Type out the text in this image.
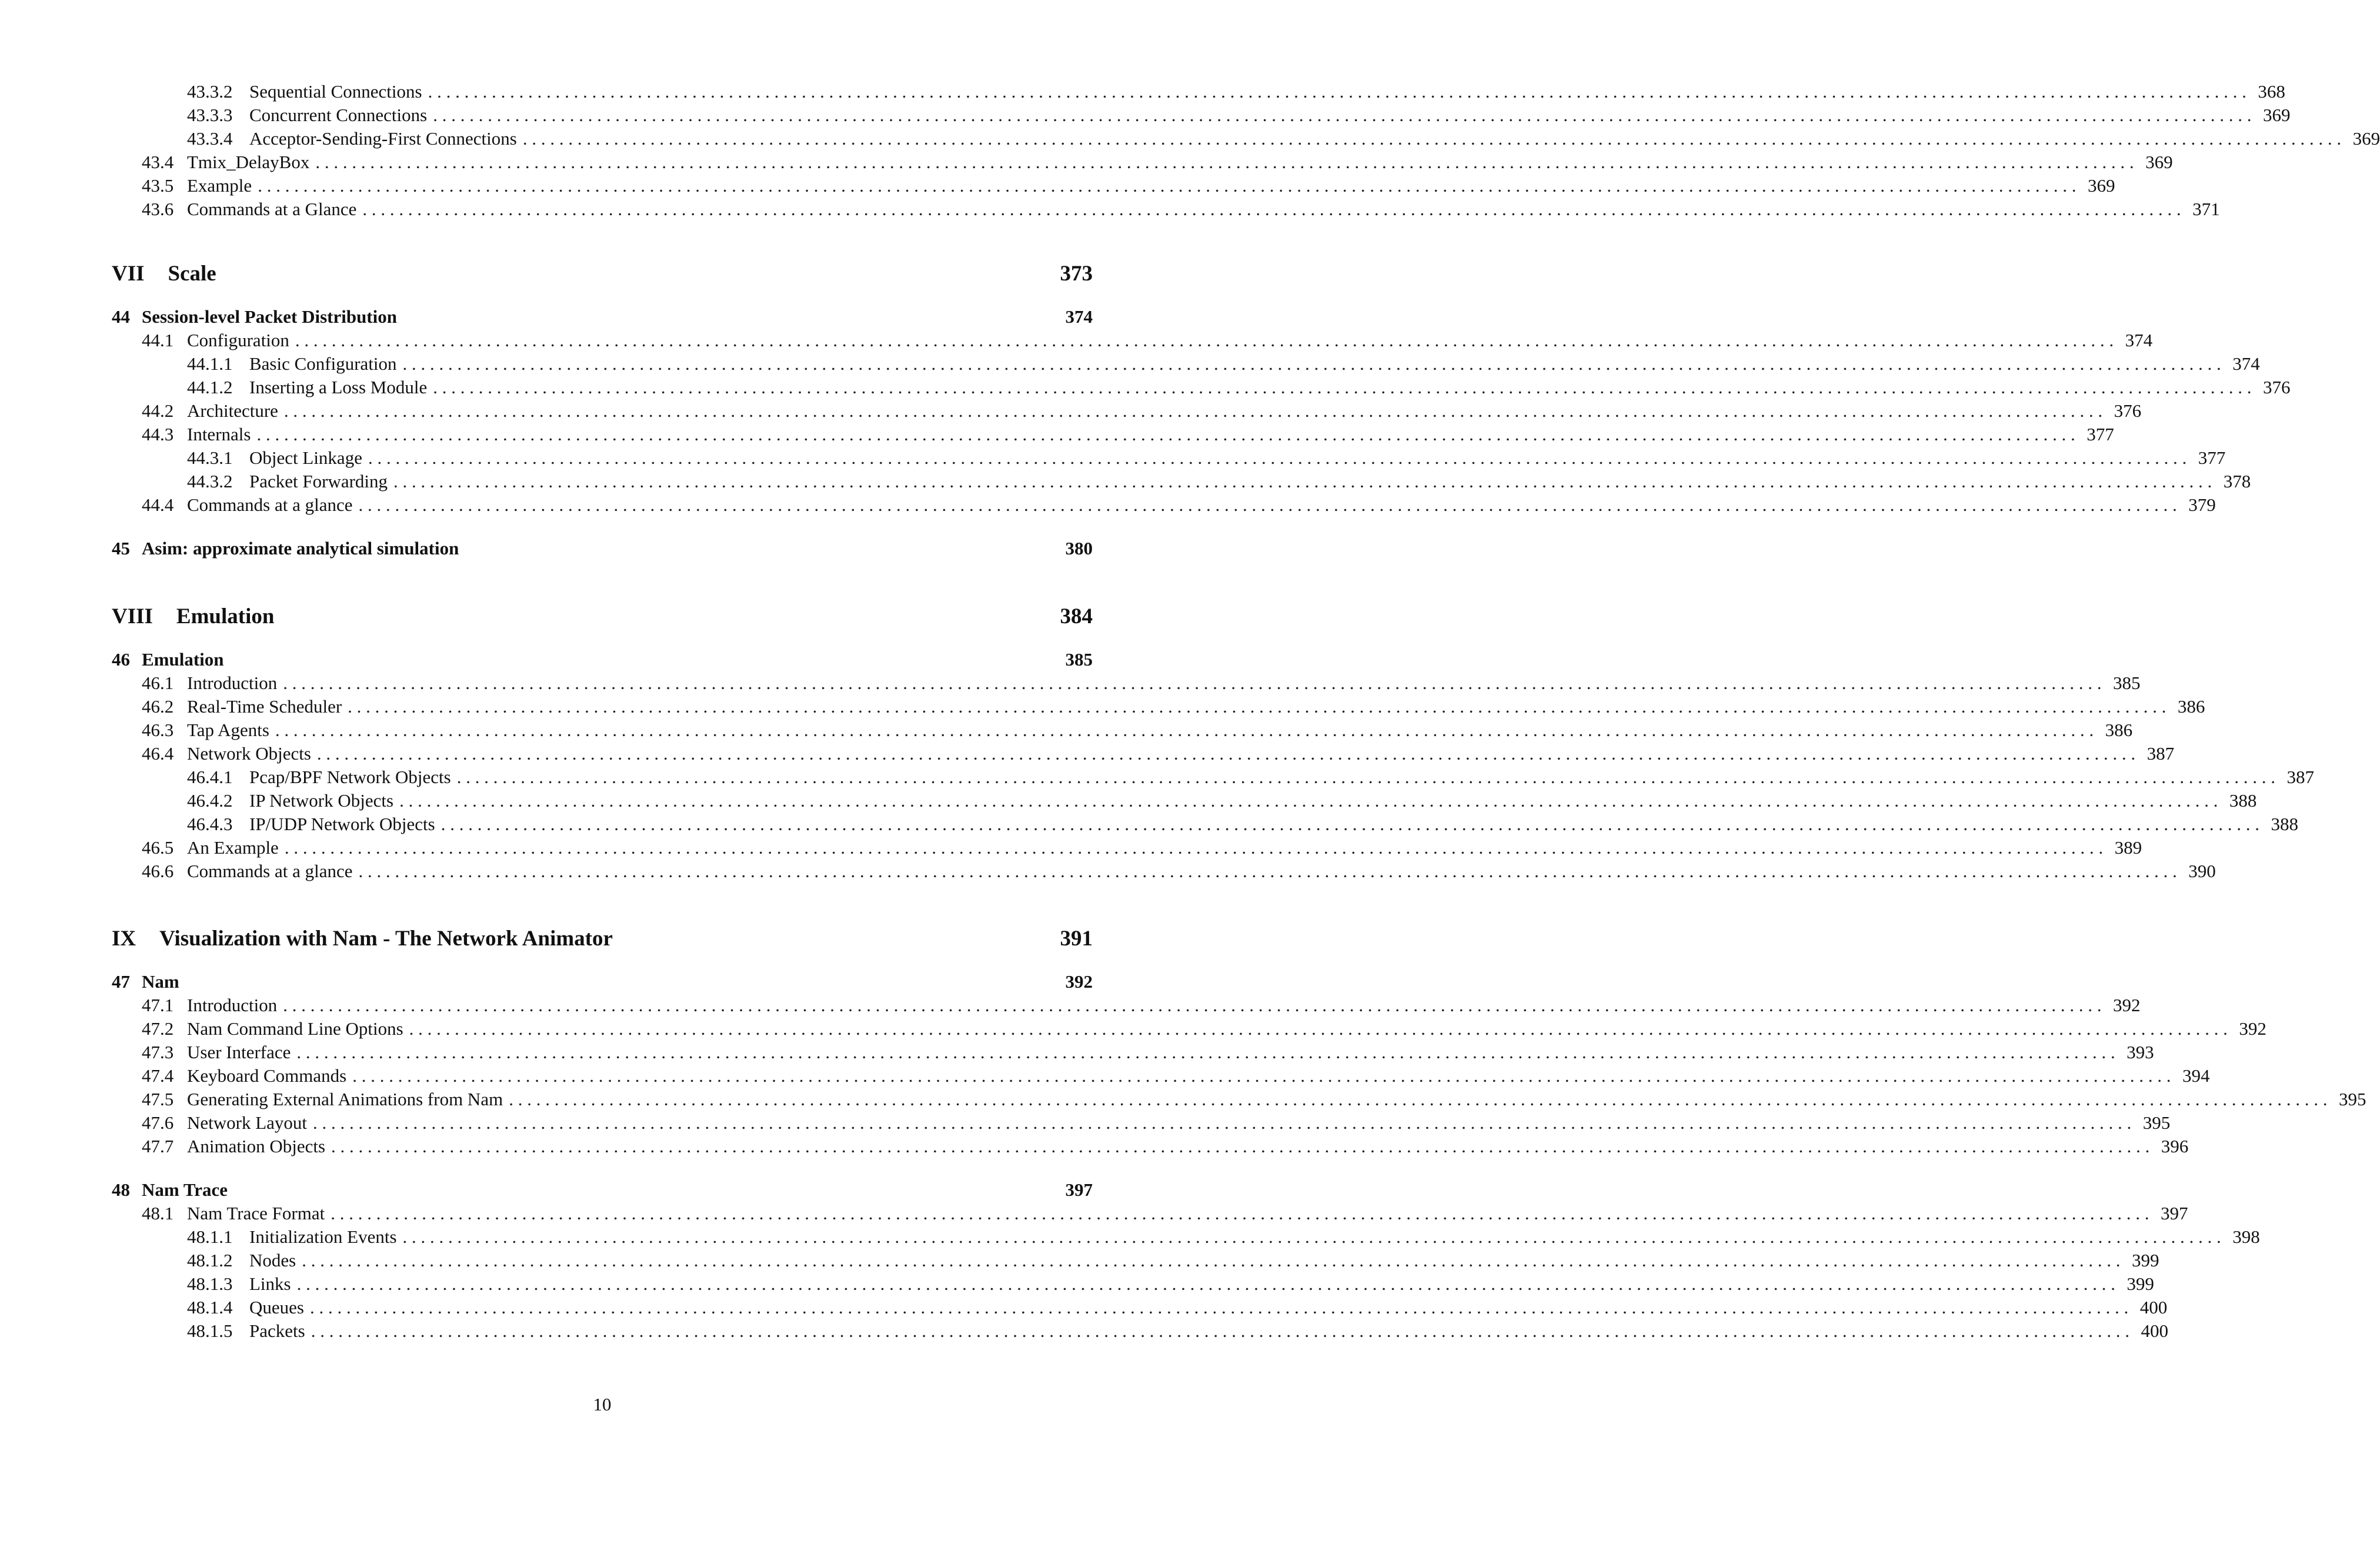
43.3.2 Sequential Connections . . . . . . . . . . . . . . . . . . . . . . . . . . . . . . . . . . . . . . . . . . . . . . . . . . . . . . . . . . . . . . . . . . . . . . . . . . . . . . . . . . . . . . . . . . . . . . . . . . . . . . . . . . . . . . . . . . . . . . . . . . . . . . . . . . . . . . . . . . . . . . . . . . . . . . . . . . . . . . . . . . . . . . . . . . . . . . . . . . . . . . . . . . . . . . . . . . . . . . . . 368
43.3.3 Concurrent Connections . . . . . . . . . . . . . . . . . . . . . . . . . . . . . . . . . . . . . . . . . . . . . . . . . . . . . . . . . . . . . . . . . . . . . . . . . . . . . . . . . . . . . . . . . . . . . . . . . . . . . . . . . . . . . . . . . . . . . . . . . . . . . . . . . . . . . . . . . . . . . . . . . . . . . . . . . . . . . . . . . . . . . . . . . . . . . . . . . . . . . . . . . . . . . . . . . . . . . . . . 369
43.3.4 Acceptor-Sending-First Connections . . . . . . . . . . . . . . . . . . . . . . . . . . . . . . . . . . . . . . . . . . . . . . . . . . . . . . . . . . . . . . . . . . . . . . . . . . . . . . . . . . . . . . . . . . . . . . . . . . . . . . . . . . . . . . . . . . . . . . . . . . . . . . . . . . . . . . . . . . . . . . . . . . . . . . . . . . . . . . . . . . . . . . . . . . . . . . . . . . . . . . . . . . . . . . . . . . . . . . . . 369
43.4 Tmix_DelayBox . . . . . . . . . . . . . . . . . . . . . . . . . . . . . . . . . . . . . . . . . . . . . . . . . . . . . . . . . . . . . . . . . . . . . . . . . . . . . . . . . . . . . . . . . . . . . . . . . . . . . . . . . . . . . . . . . . . . . . . . . . . . . . . . . . . . . . . . . . . . . . . . . . . . . . . . . . . . . . . . . . . . . . . . . . . . . . . . . . . . . . . . . . . . . . . . . . . . . . . . 369
43.5 Example . . . . . . . . . . . . . . . . . . . . . . . . . . . . . . . . . . . . . . . . . . . . . . . . . . . . . . . . . . . . . . . . . . . . . . . . . . . . . . . . . . . . . . . . . . . . . . . . . . . . . . . . . . . . . . . . . . . . . . . . . . . . . . . . . . . . . . . . . . . . . . . . . . . . . . . . . . . . . . . . . . . . . . . . . . . . . . . . . . . . . . . . . . . . . . . . . . . . . . . . 369
43.6 Commands at a Glance . . . . . . . . . . . . . . . . . . . . . . . . . . . . . . . . . . . . . . . . . . . . . . . . . . . . . . . . . . . . . . . . . . . . . . . . . . . . . . . . . . . . . . . . . . . . . . . . . . . . . . . . . . . . . . . . . . . . . . . . . . . . . . . . . . . . . . . . . . . . . . . . . . . . . . . . . . . . . . . . . . . . . . . . . . . . . . . . . . . . . . . . . . . . . . . . . . . . . . . . 371
VII Scale	373
44 Session-level Packet Distribution	374
44.1 Configuration . . . . . . . . . . . . . . . . . . . . . . . . . . . . . . . . . . . . . . . . . . . . . . . . . . . . . . . . . . . . . . . . . . . . . . . . . . . . . . . . . . . . . . . . . . . . . . . . . . . . . . . . . . . . . . . . . . . . . . . . . . . . . . . . . . . . . . . . . . . . . . . . . . . . . . . . . . . . . . . . . . . . . . . . . . . . . . . . . . . . . . . . . . . . . . . . . . . . . . . . 374
44.1.1 Basic Configuration . . . . . . . . . . . . . . . . . . . . . . . . . . . . . . . . . . . . . . . . . . . . . . . . . . . . . . . . . . . . . . . . . . . . . . . . . . . . . . . . . . . . . . . . . . . . . . . . . . . . . . . . . . . . . . . . . . . . . . . . . . . . . . . . . . . . . . . . . . . . . . . . . . . . . . . . . . . . . . . . . . . . . . . . . . . . . . . . . . . . . . . . . . . . . . . . . . . . . . . . 374
44.1.2 Inserting a Loss Module . . . . . . . . . . . . . . . . . . . . . . . . . . . . . . . . . . . . . . . . . . . . . . . . . . . . . . . . . . . . . . . . . . . . . . . . . . . . . . . . . . . . . . . . . . . . . . . . . . . . . . . . . . . . . . . . . . . . . . . . . . . . . . . . . . . . . . . . . . . . . . . . . . . . . . . . . . . . . . . . . . . . . . . . . . . . . . . . . . . . . . . . . . . . . . . . . . . . . . . . 376
44.2 Architecture . . . . . . . . . . . . . . . . . . . . . . . . . . . . . . . . . . . . . . . . . . . . . . . . . . . . . . . . . . . . . . . . . . . . . . . . . . . . . . . . . . . . . . . . . . . . . . . . . . . . . . . . . . . . . . . . . . . . . . . . . . . . . . . . . . . . . . . . . . . . . . . . . . . . . . . . . . . . . . . . . . . . . . . . . . . . . . . . . . . . . . . . . . . . . . . . . . . . . . . . 376
44.3 Internals . . . . . . . . . . . . . . . . . . . . . . . . . . . . . . . . . . . . . . . . . . . . . . . . . . . . . . . . . . . . . . . . . . . . . . . . . . . . . . . . . . . . . . . . . . . . . . . . . . . . . . . . . . . . . . . . . . . . . . . . . . . . . . . . . . . . . . . . . . . . . . . . . . . . . . . . . . . . . . . . . . . . . . . . . . . . . . . . . . . . . . . . . . . . . . . . . . . . . . . . 377
44.3.1 Object Linkage . . . . . . . . . . . . . . . . . . . . . . . . . . . . . . . . . . . . . . . . . . . . . . . . . . . . . . . . . . . . . . . . . . . . . . . . . . . . . . . . . . . . . . . . . . . . . . . . . . . . . . . . . . . . . . . . . . . . . . . . . . . . . . . . . . . . . . . . . . . . . . . . . . . . . . . . . . . . . . . . . . . . . . . . . . . . . . . . . . . . . . . . . . . . . . . . . . . . . . . . 377
44.3.2 Packet Forwarding . . . . . . . . . . . . . . . . . . . . . . . . . . . . . . . . . . . . . . . . . . . . . . . . . . . . . . . . . . . . . . . . . . . . . . . . . . . . . . . . . . . . . . . . . . . . . . . . . . . . . . . . . . . . . . . . . . . . . . . . . . . . . . . . . . . . . . . . . . . . . . . . . . . . . . . . . . . . . . . . . . . . . . . . . . . . . . . . . . . . . . . . . . . . . . . . . . . . . . . . 378
44.4 Commands at a glance . . . . . . . . . . . . . . . . . . . . . . . . . . . . . . . . . . . . . . . . . . . . . . . . . . . . . . . . . . . . . . . . . . . . . . . . . . . . . . . . . . . . . . . . . . . . . . . . . . . . . . . . . . . . . . . . . . . . . . . . . . . . . . . . . . . . . . . . . . . . . . . . . . . . . . . . . . . . . . . . . . . . . . . . . . . . . . . . . . . . . . . . . . . . . . . . . . . . . . . . 379
45 Asim: approximate analytical simulation	380
VIII Emulation	384
46 Emulation	385
46.1 Introduction . . . . . . . . . . . . . . . . . . . . . . . . . . . . . . . . . . . . . . . . . . . . . . . . . . . . . . . . . . . . . . . . . . . . . . . . . . . . . . . . . . . . . . . . . . . . . . . . . . . . . . . . . . . . . . . . . . . . . . . . . . . . . . . . . . . . . . . . . . . . . . . . . . . . . . . . . . . . . . . . . . . . . . . . . . . . . . . . . . . . . . . . . . . . . . . . . . . . . . . . 385
46.2 Real-Time Scheduler . . . . . . . . . . . . . . . . . . . . . . . . . . . . . . . . . . . . . . . . . . . . . . . . . . . . . . . . . . . . . . . . . . . . . . . . . . . . . . . . . . . . . . . . . . . . . . . . . . . . . . . . . . . . . . . . . . . . . . . . . . . . . . . . . . . . . . . . . . . . . . . . . . . . . . . . . . . . . . . . . . . . . . . . . . . . . . . . . . . . . . . . . . . . . . . . . . . . . . . . 386
46.3 Tap Agents . . . . . . . . . . . . . . . . . . . . . . . . . . . . . . . . . . . . . . . . . . . . . . . . . . . . . . . . . . . . . . . . . . . . . . . . . . . . . . . . . . . . . . . . . . . . . . . . . . . . . . . . . . . . . . . . . . . . . . . . . . . . . . . . . . . . . . . . . . . . . . . . . . . . . . . . . . . . . . . . . . . . . . . . . . . . . . . . . . . . . . . . . . . . . . . . . . . . . . . . 386
46.4 Network Objects . . . . . . . . . . . . . . . . . . . . . . . . . . . . . . . . . . . . . . . . . . . . . . . . . . . . . . . . . . . . . . . . . . . . . . . . . . . . . . . . . . . . . . . . . . . . . . . . . . . . . . . . . . . . . . . . . . . . . . . . . . . . . . . . . . . . . . . . . . . . . . . . . . . . . . . . . . . . . . . . . . . . . . . . . . . . . . . . . . . . . . . . . . . . . . . . . . . . . . . . 387
46.4.1 Pcap/BPF Network Objects . . . . . . . . . . . . . . . . . . . . . . . . . . . . . . . . . . . . . . . . . . . . . . . . . . . . . . . . . . . . . . . . . . . . . . . . . . . . . . . . . . . . . . . . . . . . . . . . . . . . . . . . . . . . . . . . . . . . . . . . . . . . . . . . . . . . . . . . . . . . . . . . . . . . . . . . . . . . . . . . . . . . . . . . . . . . . . . . . . . . . . . . . . . . . . . . . . . . . . . . 387
46.4.2 IP Network Objects . . . . . . . . . . . . . . . . . . . . . . . . . . . . . . . . . . . . . . . . . . . . . . . . . . . . . . . . . . . . . . . . . . . . . . . . . . . . . . . . . . . . . . . . . . . . . . . . . . . . . . . . . . . . . . . . . . . . . . . . . . . . . . . . . . . . . . . . . . . . . . . . . . . . . . . . . . . . . . . . . . . . . . . . . . . . . . . . . . . . . . . . . . . . . . . . . . . . . . . . 388
46.4.3 IP/UDP Network Objects . . . . . . . . . . . . . . . . . . . . . . . . . . . . . . . . . . . . . . . . . . . . . . . . . . . . . . . . . . . . . . . . . . . . . . . . . . . . . . . . . . . . . . . . . . . . . . . . . . . . . . . . . . . . . . . . . . . . . . . . . . . . . . . . . . . . . . . . . . . . . . . . . . . . . . . . . . . . . . . . . . . . . . . . . . . . . . . . . . . . . . . . . . . . . . . . . . . . . . . . 388
46.5 An Example . . . . . . . . . . . . . . . . . . . . . . . . . . . . . . . . . . . . . . . . . . . . . . . . . . . . . . . . . . . . . . . . . . . . . . . . . . . . . . . . . . . . . . . . . . . . . . . . . . . . . . . . . . . . . . . . . . . . . . . . . . . . . . . . . . . . . . . . . . . . . . . . . . . . . . . . . . . . . . . . . . . . . . . . . . . . . . . . . . . . . . . . . . . . . . . . . . . . . . . . 389
46.6 Commands at a glance . . . . . . . . . . . . . . . . . . . . . . . . . . . . . . . . . . . . . . . . . . . . . . . . . . . . . . . . . . . . . . . . . . . . . . . . . . . . . . . . . . . . . . . . . . . . . . . . . . . . . . . . . . . . . . . . . . . . . . . . . . . . . . . . . . . . . . . . . . . . . . . . . . . . . . . . . . . . . . . . . . . . . . . . . . . . . . . . . . . . . . . . . . . . . . . . . . . . . . . . 390
IX Visualization with Nam - The Network Animator	391
47 Nam	392
47.1 Introduction . . . . . . . . . . . . . . . . . . . . . . . . . . . . . . . . . . . . . . . . . . . . . . . . . . . . . . . . . . . . . . . . . . . . . . . . . . . . . . . . . . . . . . . . . . . . . . . . . . . . . . . . . . . . . . . . . . . . . . . . . . . . . . . . . . . . . . . . . . . . . . . . . . . . . . . . . . . . . . . . . . . . . . . . . . . . . . . . . . . . . . . . . . . . . . . . . . . . . . . . 392
47.2 Nam Command Line Options . . . . . . . . . . . . . . . . . . . . . . . . . . . . . . . . . . . . . . . . . . . . . . . . . . . . . . . . . . . . . . . . . . . . . . . . . . . . . . . . . . . . . . . . . . . . . . . . . . . . . . . . . . . . . . . . . . . . . . . . . . . . . . . . . . . . . . . . . . . . . . . . . . . . . . . . . . . . . . . . . . . . . . . . . . . . . . . . . . . . . . . . . . . . . . . . . . . . . . . . 392
47.3 User Interface . . . . . . . . . . . . . . . . . . . . . . . . . . . . . . . . . . . . . . . . . . . . . . . . . . . . . . . . . . . . . . . . . . . . . . . . . . . . . . . . . . . . . . . . . . . . . . . . . . . . . . . . . . . . . . . . . . . . . . . . . . . . . . . . . . . . . . . . . . . . . . . . . . . . . . . . . . . . . . . . . . . . . . . . . . . . . . . . . . . . . . . . . . . . . . . . . . . . . . . . 393
47.4 Keyboard Commands . . . . . . . . . . . . . . . . . . . . . . . . . . . . . . . . . . . . . . . . . . . . . . . . . . . . . . . . . . . . . . . . . . . . . . . . . . . . . . . . . . . . . . . . . . . . . . . . . . . . . . . . . . . . . . . . . . . . . . . . . . . . . . . . . . . . . . . . . . . . . . . . . . . . . . . . . . . . . . . . . . . . . . . . . . . . . . . . . . . . . . . . . . . . . . . . . . . . . . . . 394
47.5 Generating External Animations from Nam . . . . . . . . . . . . . . . . . . . . . . . . . . . . . . . . . . . . . . . . . . . . . . . . . . . . . . . . . . . . . . . . . . . . . . . . . . . . . . . . . . . . . . . . . . . . . . . . . . . . . . . . . . . . . . . . . . . . . . . . . . . . . . . . . . . . . . . . . . . . . . . . . . . . . . . . . . . . . . . . . . . . . . . . . . . . . . . . . . . . . . . . . . . . . . . . . . . . . . . . 395
47.6 Network Layout . . . . . . . . . . . . . . . . . . . . . . . . . . . . . . . . . . . . . . . . . . . . . . . . . . . . . . . . . . . . . . . . . . . . . . . . . . . . . . . . . . . . . . . . . . . . . . . . . . . . . . . . . . . . . . . . . . . . . . . . . . . . . . . . . . . . . . . . . . . . . . . . . . . . . . . . . . . . . . . . . . . . . . . . . . . . . . . . . . . . . . . . . . . . . . . . . . . . . . . . 395
47.7 Animation Objects . . . . . . . . . . . . . . . . . . . . . . . . . . . . . . . . . . . . . . . . . . . . . . . . . . . . . . . . . . . . . . . . . . . . . . . . . . . . . . . . . . . . . . . . . . . . . . . . . . . . . . . . . . . . . . . . . . . . . . . . . . . . . . . . . . . . . . . . . . . . . . . . . . . . . . . . . . . . . . . . . . . . . . . . . . . . . . . . . . . . . . . . . . . . . . . . . . . . . . . . 396
48 Nam Trace	397
48.1 Nam Trace Format . . . . . . . . . . . . . . . . . . . . . . . . . . . . . . . . . . . . . . . . . . . . . . . . . . . . . . . . . . . . . . . . . . . . . . . . . . . . . . . . . . . . . . . . . . . . . . . . . . . . . . . . . . . . . . . . . . . . . . . . . . . . . . . . . . . . . . . . . . . . . . . . . . . . . . . . . . . . . . . . . . . . . . . . . . . . . . . . . . . . . . . . . . . . . . . . . . . . . . . . 397
48.1.1 Initialization Events . . . . . . . . . . . . . . . . . . . . . . . . . . . . . . . . . . . . . . . . . . . . . . . . . . . . . . . . . . . . . . . . . . . . . . . . . . . . . . . . . . . . . . . . . . . . . . . . . . . . . . . . . . . . . . . . . . . . . . . . . . . . . . . . . . . . . . . . . . . . . . . . . . . . . . . . . . . . . . . . . . . . . . . . . . . . . . . . . . . . . . . . . . . . . . . . . . . . . . . . 398
48.1.2 Nodes . . . . . . . . . . . . . . . . . . . . . . . . . . . . . . . . . . . . . . . . . . . . . . . . . . . . . . . . . . . . . . . . . . . . . . . . . . . . . . . . . . . . . . . . . . . . . . . . . . . . . . . . . . . . . . . . . . . . . . . . . . . . . . . . . . . . . . . . . . . . . . . . . . . . . . . . . . . . . . . . . . . . . . . . . . . . . . . . . . . . . . . . . . . . . . . . . . . . . . . . 399
48.1.3 Links . . . . . . . . . . . . . . . . . . . . . . . . . . . . . . . . . . . . . . . . . . . . . . . . . . . . . . . . . . . . . . . . . . . . . . . . . . . . . . . . . . . . . . . . . . . . . . . . . . . . . . . . . . . . . . . . . . . . . . . . . . . . . . . . . . . . . . . . . . . . . . . . . . . . . . . . . . . . . . . . . . . . . . . . . . . . . . . . . . . . . . . . . . . . . . . . . . . . . . . . 399
48.1.4 Queues . . . . . . . . . . . . . . . . . . . . . . . . . . . . . . . . . . . . . . . . . . . . . . . . . . . . . . . . . . . . . . . . . . . . . . . . . . . . . . . . . . . . . . . . . . . . . . . . . . . . . . . . . . . . . . . . . . . . . . . . . . . . . . . . . . . . . . . . . . . . . . . . . . . . . . . . . . . . . . . . . . . . . . . . . . . . . . . . . . . . . . . . . . . . . . . . . . . . . . . . 400
48.1.5 Packets . . . . . . . . . . . . . . . . . . . . . . . . . . . . . . . . . . . . . . . . . . . . . . . . . . . . . . . . . . . . . . . . . . . . . . . . . . . . . . . . . . . . . . . . . . . . . . . . . . . . . . . . . . . . . . . . . . . . . . . . . . . . . . . . . . . . . . . . . . . . . . . . . . . . . . . . . . . . . . . . . . . . . . . . . . . . . . . . . . . . . . . . . . . . . . . . . . . . . . . . 400
10
